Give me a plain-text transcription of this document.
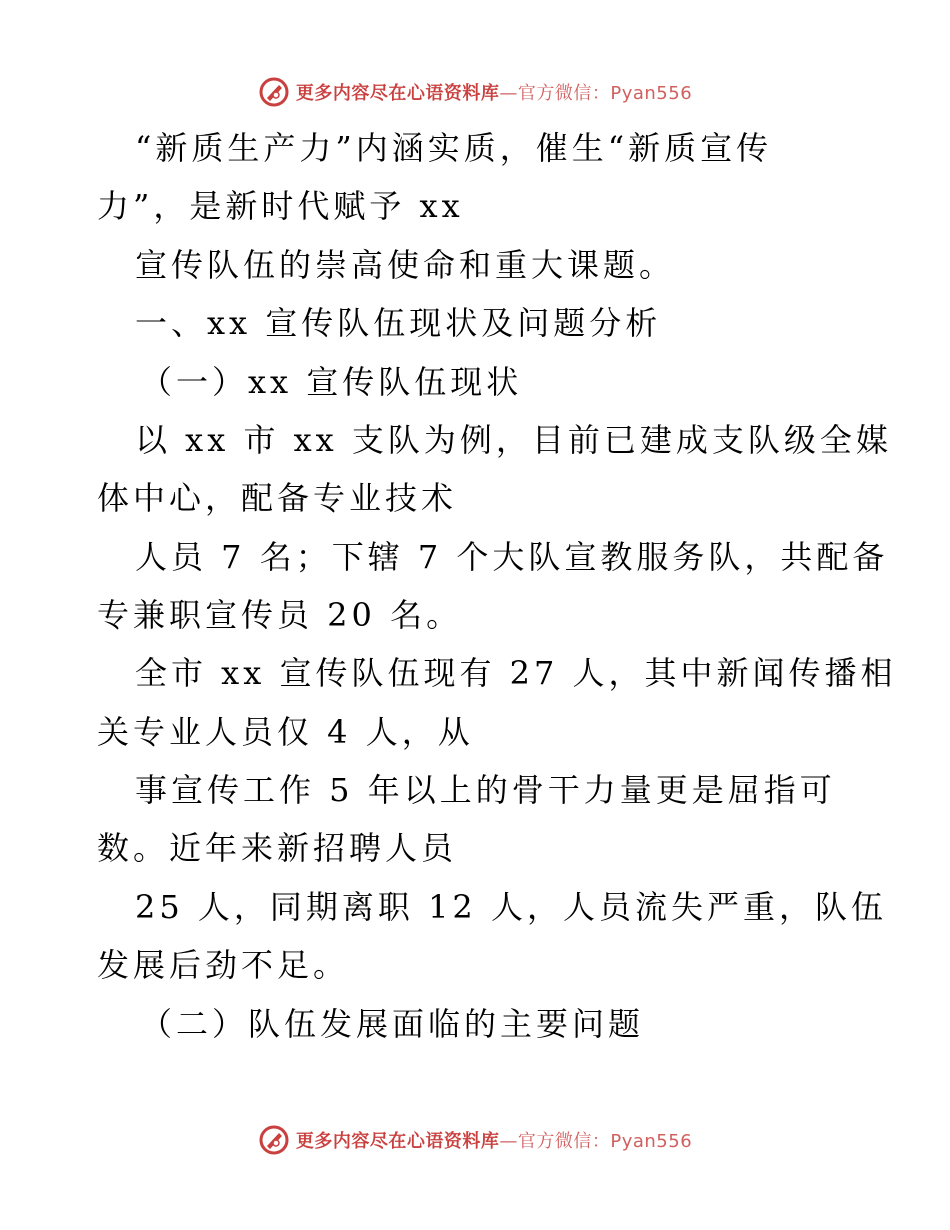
更多内容尽在心语资料库—官方微信：Pyan556
“新质生产力”内涵实质，催生“新质宣传
力”，是新时代赋予 xx
宣传队伍的崇高使命和重大课题。
一、xx 宣传队伍现状及问题分析
（一）xx 宣传队伍现状
以 xx 市 xx 支队为例，目前已建成支队级全媒
体中心，配备专业技术
人员 7 名；下辖 7 个大队宣教服务队，共配备
专兼职宣传员 20 名。
全市 xx 宣传队伍现有 27 人，其中新闻传播相
关专业人员仅 4 人，从
事宣传工作 5 年以上的骨干力量更是屈指可
数。近年来新招聘人员
25 人，同期离职 12 人，人员流失严重，队伍
发展后劲不足。
（二）队伍发展面临的主要问题
更多内容尽在心语资料库—官方微信：Pyan556
